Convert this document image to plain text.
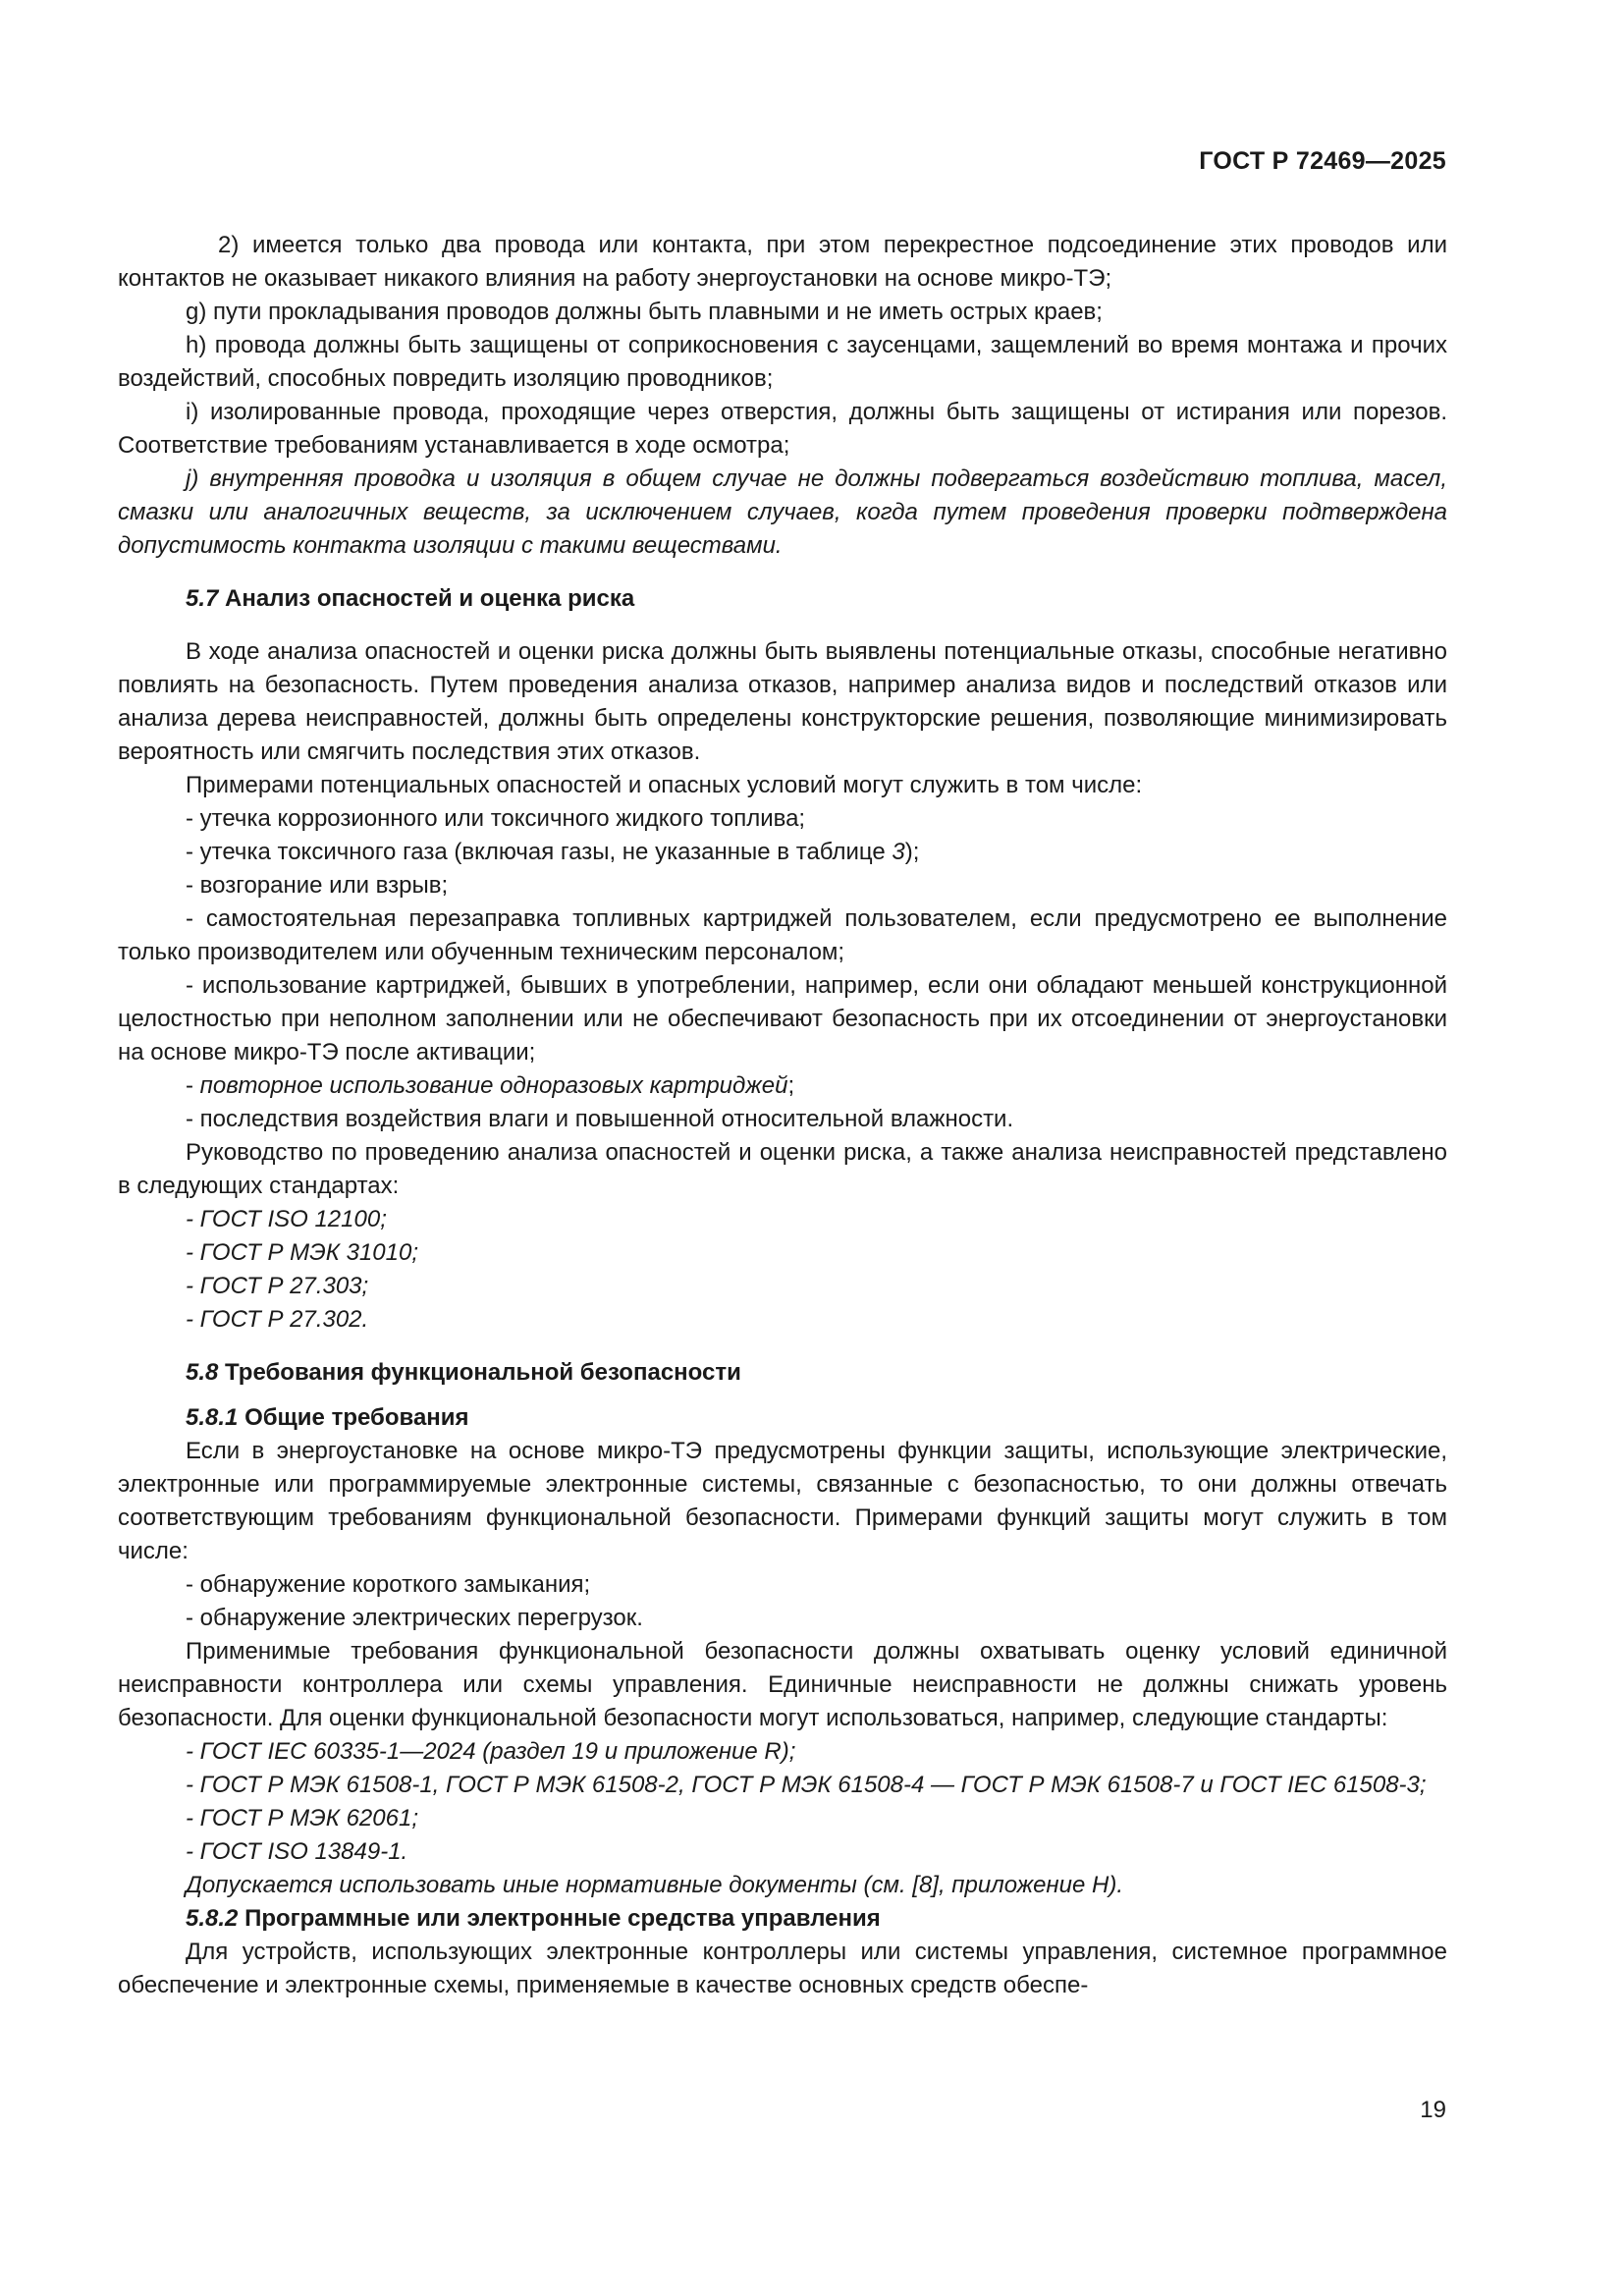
ГОСТ Р 72469—2025

2) имеется только два провода или контакта, при этом перекрестное подсоединение этих проводов или контактов не оказывает никакого влияния на работу энергоустановки на основе микро-ТЭ;

g) пути прокладывания проводов должны быть плавными и не иметь острых краев;

h) провода должны быть защищены от соприкосновения с заусенцами, защемлений во время монтажа и прочих воздействий, способных повредить изоляцию проводников;

i) изолированные провода, проходящие через отверстия, должны быть защищены от истирания или порезов. Соответствие требованиям устанавливается в ходе осмотра;

j) внутренняя проводка и изоляция в общем случае не должны подвергаться воздействию топлива, масел, смазки или аналогичных веществ, за исключением случаев, когда путем проведения проверки подтверждена допустимость контакта изоляции с такими веществами.

5.7 Анализ опасностей и оценка риска

В ходе анализа опасностей и оценки риска должны быть выявлены потенциальные отказы, способные негативно повлиять на безопасность. Путем проведения анализа отказов, например анализа видов и последствий отказов или анализа дерева неисправностей, должны быть определены конструкторские решения, позволяющие минимизировать вероятность или смягчить последствия этих отказов.

Примерами потенциальных опасностей и опасных условий могут служить в том числе:

- утечка коррозионного или токсичного жидкого топлива;

- утечка токсичного газа (включая газы, не указанные в таблице 3);

- возгорание или взрыв;

- самостоятельная перезаправка топливных картриджей пользователем, если предусмотрено ее выполнение только производителем или обученным техническим персоналом;

- использование картриджей, бывших в употреблении, например, если они обладают меньшей конструкционной целостностью при неполном заполнении или не обеспечивают безопасность при их отсоединении от энергоустановки на основе микро-ТЭ после активации;

- повторное использование одноразовых картриджей;

- последствия воздействия влаги и повышенной относительной влажности.

Руководство по проведению анализа опасностей и оценки риска, а также анализа неисправностей представлено в следующих стандартах:

- ГОСТ ISO 12100;

- ГОСТ Р МЭК 31010;

- ГОСТ Р 27.303;

- ГОСТ Р 27.302.

5.8 Требования функциональной безопасности

5.8.1 Общие требования

Если в энергоустановке на основе микро-ТЭ предусмотрены функции защиты, использующие электрические, электронные или программируемые электронные системы, связанные с безопасностью, то они должны отвечать соответствующим требованиям функциональной безопасности. Примерами функций защиты могут служить в том числе:

- обнаружение короткого замыкания;

- обнаружение электрических перегрузок.

Применимые требования функциональной безопасности должны охватывать оценку условий единичной неисправности контроллера или схемы управления. Единичные неисправности не должны снижать уровень безопасности. Для оценки функциональной безопасности могут использоваться, например, следующие стандарты:

- ГОСТ IEC 60335-1—2024 (раздел 19 и приложение R);

- ГОСТ Р МЭК 61508-1, ГОСТ Р МЭК 61508-2, ГОСТ Р МЭК 61508-4 — ГОСТ Р МЭК 61508-7 и ГОСТ IEC 61508-3;

- ГОСТ Р МЭК 62061;

- ГОСТ ISO 13849-1.

Допускается использовать иные нормативные документы (см. [8], приложение Н).

5.8.2 Программные или электронные средства управления

Для устройств, использующих электронные контроллеры или системы управления, системное программное обеспечение и электронные схемы, применяемые в качестве основных средств обеспе-

19
